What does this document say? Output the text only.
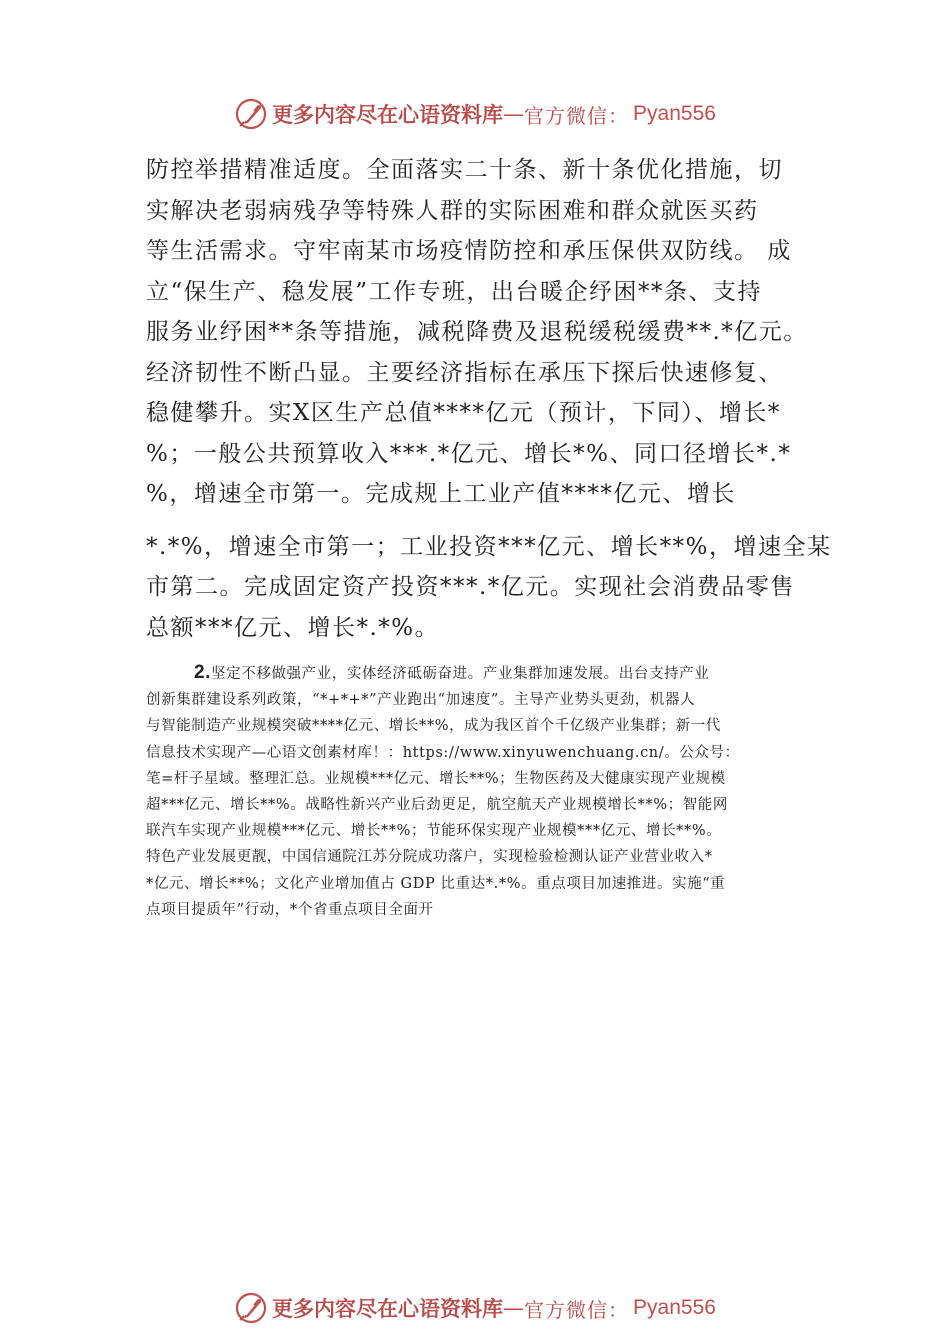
更多内容尽在心语资料库 — 官方微信： Pyan556
防控举措精准适度。全面落实二十条、新十条优化措施，切
实解决老弱病残孕等特殊人群的实际困难和群众就医买药
等生活需求。守牢南某市场疫情防控和承压保供双防线。 成
立“保生产、稳发展”工作专班，出台暖企纾困**条、支持
服务业纾困**条等措施，减税降费及退税缓税缓费**.*亿元。
经济韧性不断凸显。主要经济指标在承压下探后快速修复、
稳健攀升。实X区生产总值****亿元（预计，下同）、增长*
%；一般公共预算收入***.*亿元、增长*%、同口径增长*.*
%，增速全市第一。完成规上工业产值****亿元、增长
*.*%，增速全市第一；工业投资***亿元、增长**%，增速全某
市第二。完成固定资产投资***.*亿元。实现社会消费品零售
总额***亿元、增长*.*%。
2.坚定不移做强产业，实体经济砥砺奋进。产业集群加速发展。出台支持产业
创新集群建设系列政策，“*+*+*”产业跑出“加速度”。主导产业势头更劲，机器人
与智能制造产业规模突破****亿元、增长**%，成为我区首个千亿级产业集群；新一代
信息技术实现产—心语文创素材库！：https://www.xinyuwenchuang.cn/。公众号：
笔=杆子星域。整理汇总。业规模***亿元、增长**%；生物医药及大健康实现产业规模
超***亿元、增长**%。战略性新兴产业后劲更足，航空航天产业规模增长**%；智能网
联汽车实现产业规模***亿元、增长**%；节能环保实现产业规模***亿元、增长**%。
特色产业发展更靓，中国信通院江苏分院成功落户，实现检验检测认证产业营业收入*
*亿元、增长**%；文化产业增加值占 GDP 比重达*.*%。重点项目加速推进。实施“重
点项目提质年”行动，*个省重点项目全面开
更多内容尽在心语资料库 — 官方微信： Pyan556
